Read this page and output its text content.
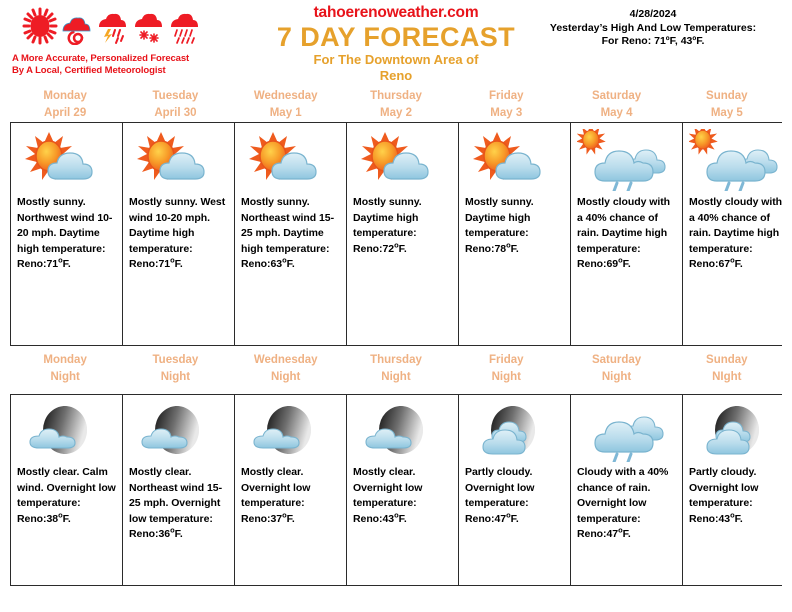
A More Accurate, Personalized Forecast
By A Local, Certified Meteorologist
tahoerenoweather.com
7 DAY FORECAST
For The Downtown Area of
Reno
4/28/2024
Yesterday’s High And Low Temperatures:
For Reno: 71ºF, 43ºF.
Monday
April 29
Tuesday
April 30
Wednesday
May 1
Thursday
May 2
Friday
May 3
Saturday
May 4
Sunday
May 5
Mostly sunny. Northwest wind 10-20 mph. Daytime high temperature: Reno:71$^o$F.
Mostly sunny. West wind 10-20 mph. Daytime high temperature: Reno:71$^o$F.
Mostly sunny. Northeast wind 15-25 mph. Daytime high temperature: Reno:63$^o$F.
Mostly sunny. Daytime high temperature: Reno:72$^o$F.
Mostly sunny. Daytime high temperature: Reno:78$^o$F.
Mostly cloudy with a 40% chance of rain. Daytime high temperature: Reno:69$^o$F.
Mostly cloudy with a 40% chance of rain. Daytime high temperature: Reno:67$^o$F.
Monday
Night
Tuesday
Night
Wednesday
Night
Thursday
Night
Friday
Night
Saturday
Night
Sunday
NIght
Mostly clear. Calm wind. Overnight low temperature: Reno:38$^o$F.
Mostly clear. Northeast wind 15-25 mph. Overnight low temperature: Reno:36$^o$F.
Mostly clear. Overnight low temperature: Reno:37$^o$F.
Mostly clear. Overnight low temperature: Reno:43$^o$F.
Partly cloudy. Overnight low temperature: Reno:47$^o$F.
Cloudy with a 40% chance of rain. Overnight low temperature: Reno:47$^o$F.
Partly cloudy. Overnight low temperature: Reno:43$^o$F.
